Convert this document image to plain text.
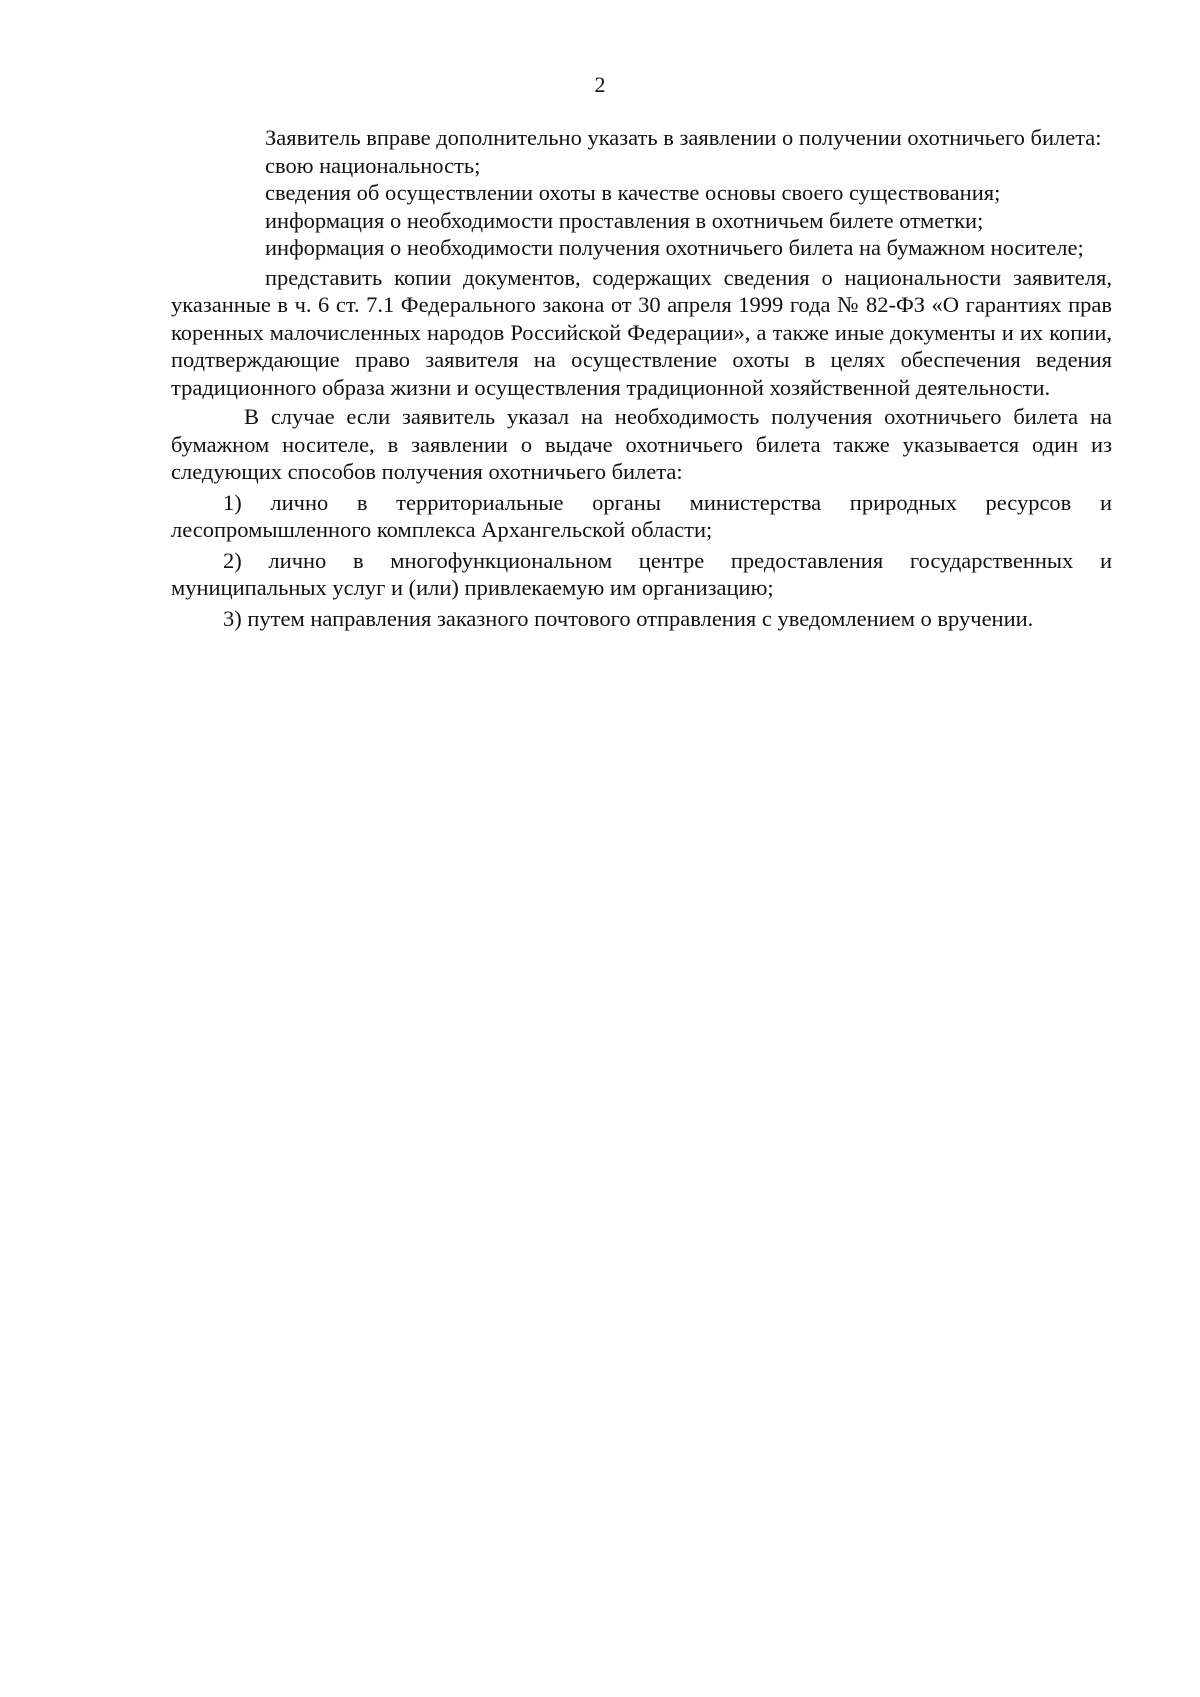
2

Заявитель вправе дополнительно указать в заявлении о получении охотничьего билета:

свою национальность;

сведения об осуществлении охоты в качестве основы своего существования;

информация о необходимости проставления в охотничьем билете отметки;

информация о необходимости получения охотничьего билета на бумажном носителе;

представить копии документов, содержащих сведения о национальности заявителя, указанные в ч. 6 ст. 7.1 Федерального закона от 30 апреля 1999 года № 82-ФЗ «О гарантиях прав коренных малочисленных народов Российской Федерации», а также иные документы и их копии, подтверждающие право заявителя на осуществление охоты в целях обеспечения ведения традиционного образа жизни и осуществления традиционной хозяйственной деятельности.

В случае если заявитель указал на необходимость получения охотничьего билета на бумажном носителе, в заявлении о выдаче охотничьего билета также указывается один из следующих способов получения охотничьего билета:

1) лично в территориальные органы министерства природных ресурсов и лесопромышленного комплекса Архангельской области;

2) лично в многофункциональном центре предоставления государственных и муниципальных услуг и (или) привлекаемую им организацию;

3) путем направления заказного почтового отправления с уведомлением о вручении.
